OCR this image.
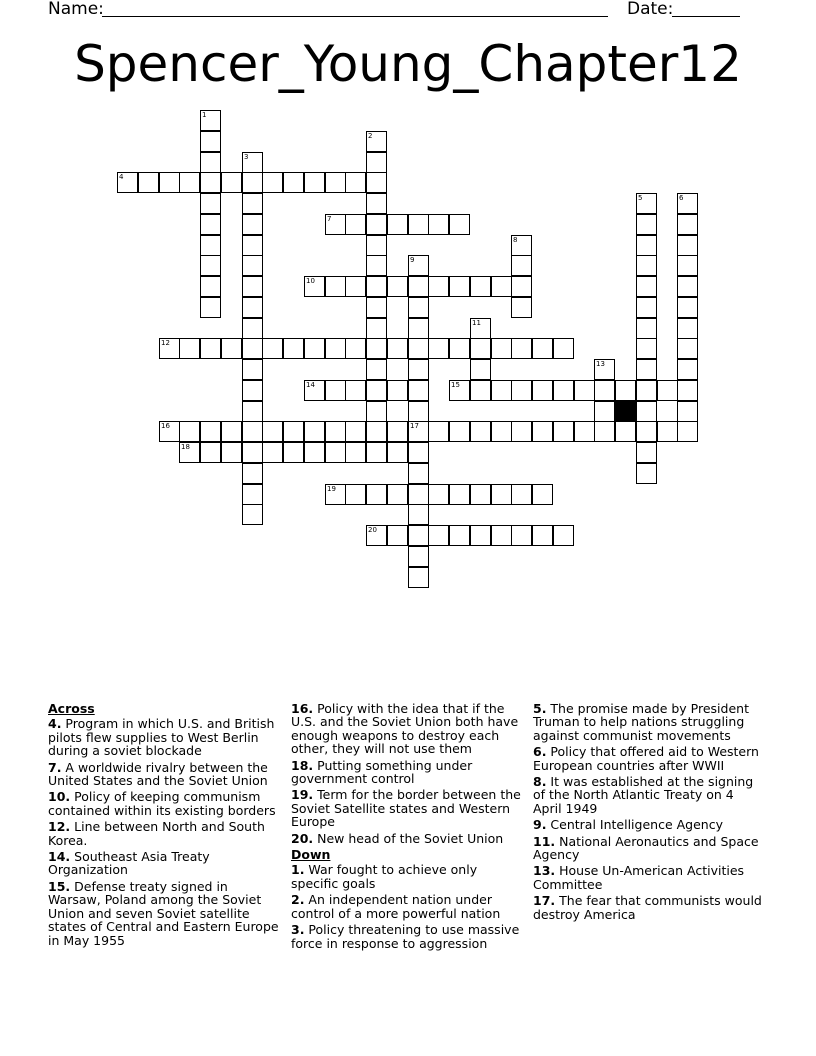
Name:	Date:
Spencer_Young_Chapter12
1
2
3
4
5	6
7
8
9
10
11
12
13
14	15
16	17
18
19
20
Across
4. Program in which U.S. and British pilots flew supplies to West Berlin during a soviet blockade
7. A worldwide rivalry between the United States and the Soviet Union
10. Policy of keeping communism contained within its existing borders
12. Line between North and South Korea.
14. Southeast Asia Treaty Organization
15. Defense treaty signed in Warsaw, Poland among the Soviet Union and seven Soviet satellite states of Central and Eastern Europe in May 1955
16. Policy with the idea that if the U.S. and the Soviet Union both have enough weapons to destroy each other, they will not use them
18. Putting something under government control
19. Term for the border between the Soviet Satellite states and Western Europe
20. New head of the Soviet Union
Down
1. War fought to achieve only specific goals
2. An independent nation under control of a more powerful nation
3. Policy threatening to use massive force in response to aggression
5. The promise made by President Truman to help nations struggling against communist movements
6. Policy that offered aid to Western European countries after WWII
8. It was established at the signing of the North Atlantic Treaty on 4 April 1949
9. Central Intelligence Agency
11. National Aeronautics and Space Agency
13. House Un-American Activities Committee
17. The fear that communists would destroy America
